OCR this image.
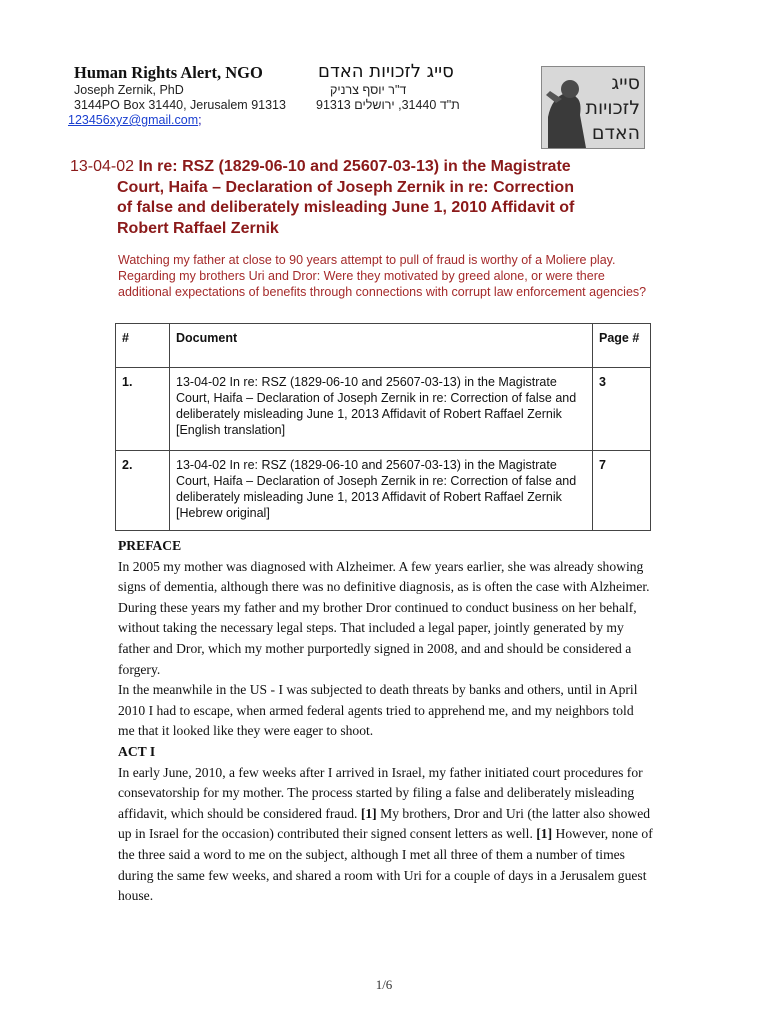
Human Rights Alert, NGO	סייג לזכויות האדם
Joseph Zernik, PhD	ד"ר יוסף צרניק
3144PO Box 31440, Jerusalem 91313 ת"ד 31440, ירושלים 91313
123456xyz@gmail.com;
סייג
לזכויות
האדם
13-04-02 In re: RSZ (1829-06-10 and 25607-03-13) in the Magistrate
Court, Haifa – Declaration of Joseph Zernik in re: Correction
of false and deliberately misleading June 1, 2010 Affidavit of
Robert Raffael Zernik
Watching my father at close to 90 years attempt to pull of fraud is worthy of a Moliere play. Regarding my brothers Uri and Dror: Were they motivated by greed alone, or were there additional expectations of benefits through connections with corrupt law enforcement agencies?
#	Document	Page #
1.	13-04-02 In re: RSZ (1829-06-10 and 25607-03-13) in the Magistrate Court, Haifa – Declaration of Joseph Zernik in re: Correction of false and deliberately misleading June 1, 2013 Affidavit of Robert Raffael Zernik [English translation]	3
2.	13-04-02 In re: RSZ (1829-06-10 and 25607-03-13) in the Magistrate Court, Haifa – Declaration of Joseph Zernik in re: Correction of false and deliberately misleading June 1, 2013 Affidavit of Robert Raffael Zernik [Hebrew original]	7

PREFACE

In 2005 my mother was diagnosed with Alzheimer. A few years earlier, she was already showing signs of dementia, although there was no definitive diagnosis, as is often the case with Alzheimer. During these years my father and my brother Dror continued to conduct business on her behalf, without taking the necessary legal steps. That included a legal paper, jointly generated by my father and Dror, which my mother purportedly signed in 2008, and and should be considered a forgery.

In the meanwhile in the US - I was subjected to death threats by banks and others, until in April 2010 I had to escape, when armed federal agents tried to apprehend me, and my neighbors told me that it looked like they were eager to shoot.

ACT I

In early June, 2010, a few weeks after I arrived in Israel, my father initiated court procedures for consevatorship for my mother. The process started by filing a false and deliberately misleading affidavit, which should be considered fraud. [1] My brothers, Dror and Uri (the latter also showed up in Israel for the occasion) contributed their signed consent letters as well. [1] However, none of the three said a word to me on the subject, although I met all three of them a number of times during the same few weeks, and shared a room with Uri for a couple of days in a Jerusalem guest house.

1/6
